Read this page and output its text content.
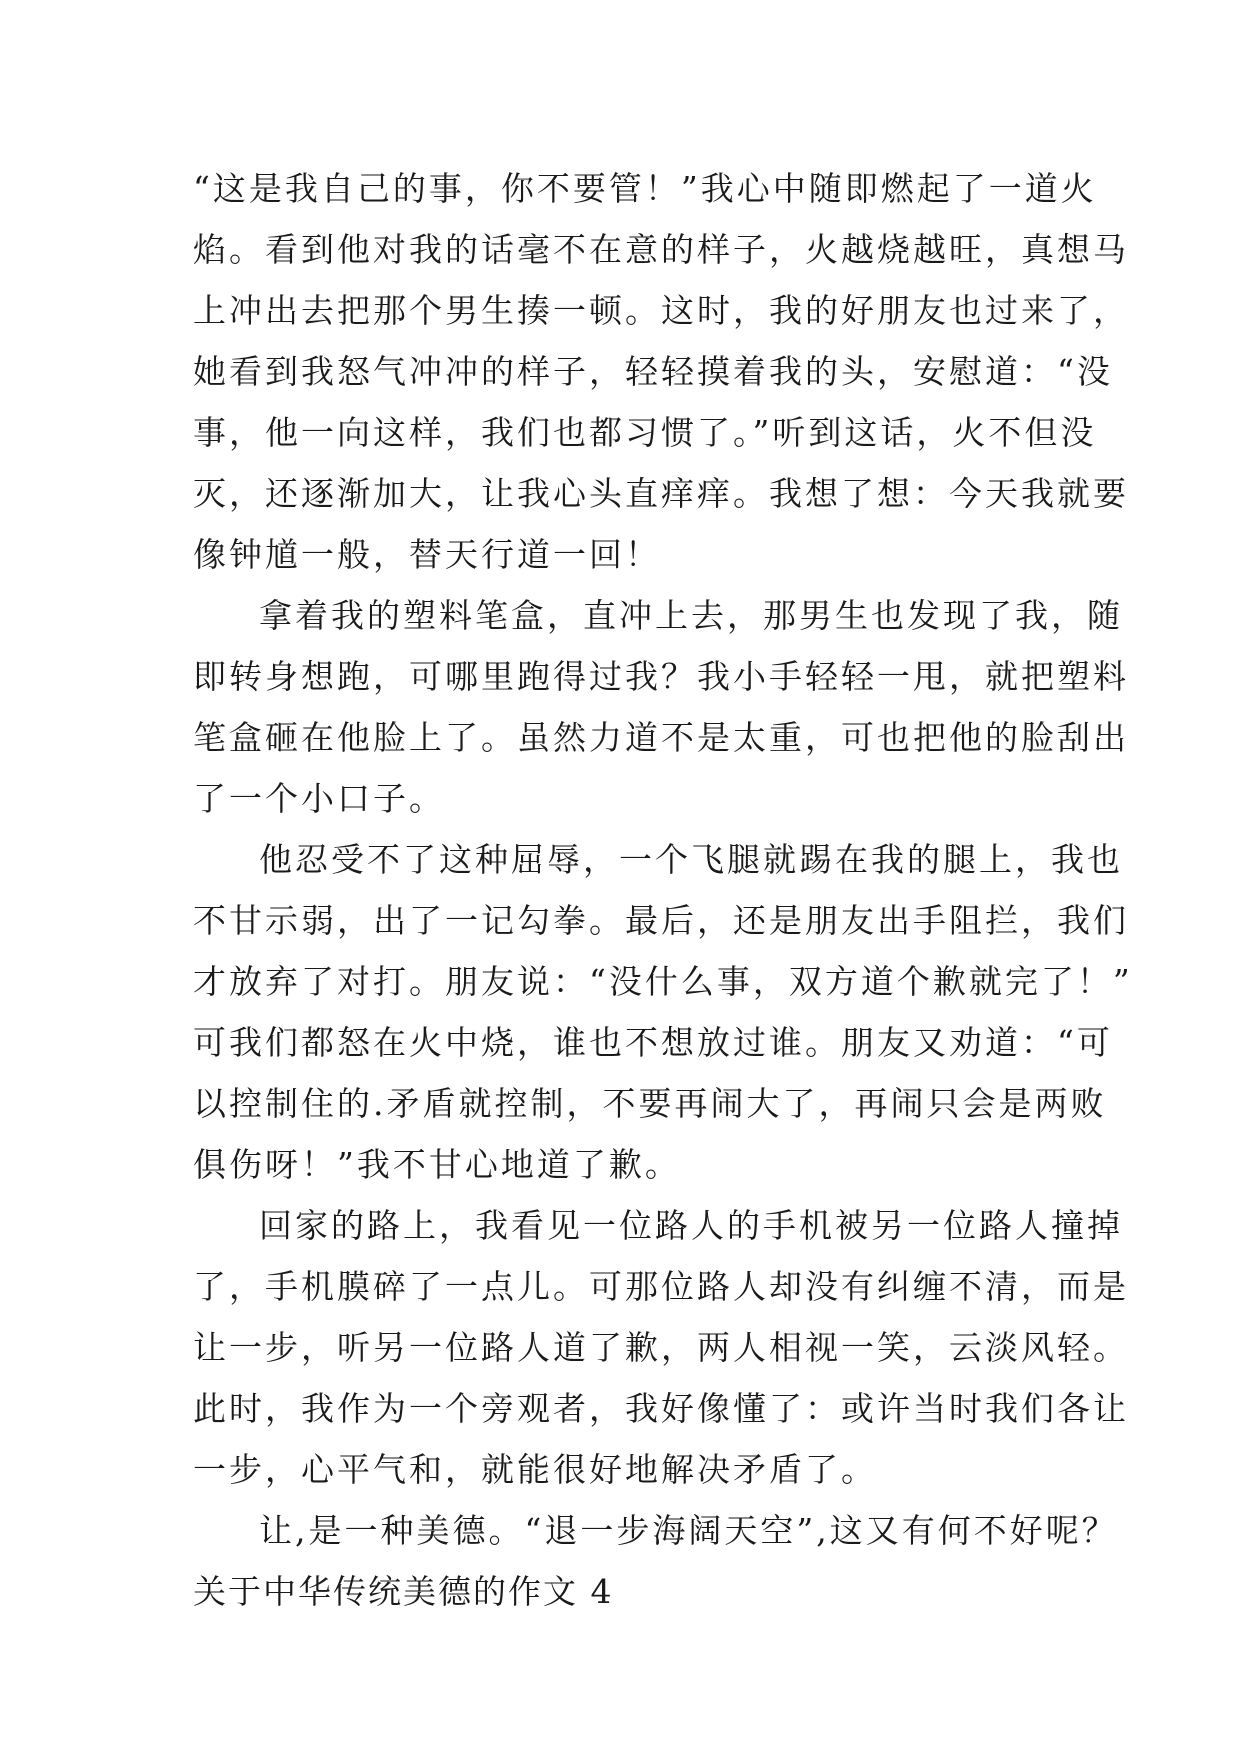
“这是我自己的事，你不要管！”我心中随即燃起了一道火
焰。看到他对我的话毫不在意的样子，火越烧越旺，真想马
上冲出去把那个男生揍一顿。这时，我的好朋友也过来了，
她看到我怒气冲冲的样子，轻轻摸着我的头，安慰道：“没
事，他一向这样，我们也都习惯了。”听到这话，火不但没
灭，还逐渐加大，让我心头直痒痒。我想了想：今天我就要
像钟馗一般，替天行道一回！
拿着我的塑料笔盒，直冲上去，那男生也发现了我，随
即转身想跑，可哪里跑得过我？我小手轻轻一甩，就把塑料
笔盒砸在他脸上了。虽然力道不是太重，可也把他的脸刮出
了一个小口子。
他忍受不了这种屈辱，一个飞腿就踢在我的腿上，我也
不甘示弱，出了一记勾拳。最后，还是朋友出手阻拦，我们
才放弃了对打。朋友说：“没什么事，双方道个歉就完了！”
可我们都怒在火中烧，谁也不想放过谁。朋友又劝道：“可
以控制住的.矛盾就控制，不要再闹大了，再闹只会是两败
俱伤呀！”我不甘心地道了歉。
回家的路上，我看见一位路人的手机被另一位路人撞掉
了，手机膜碎了一点儿。可那位路人却没有纠缠不清，而是
让一步，听另一位路人道了歉，两人相视一笑，云淡风轻。
此时，我作为一个旁观者，我好像懂了：或许当时我们各让
一步，心平气和，就能很好地解决矛盾了。
让,是一种美德。“退一步海阔天空”,这又有何不好呢？
关于中华传统美德的作文 4
